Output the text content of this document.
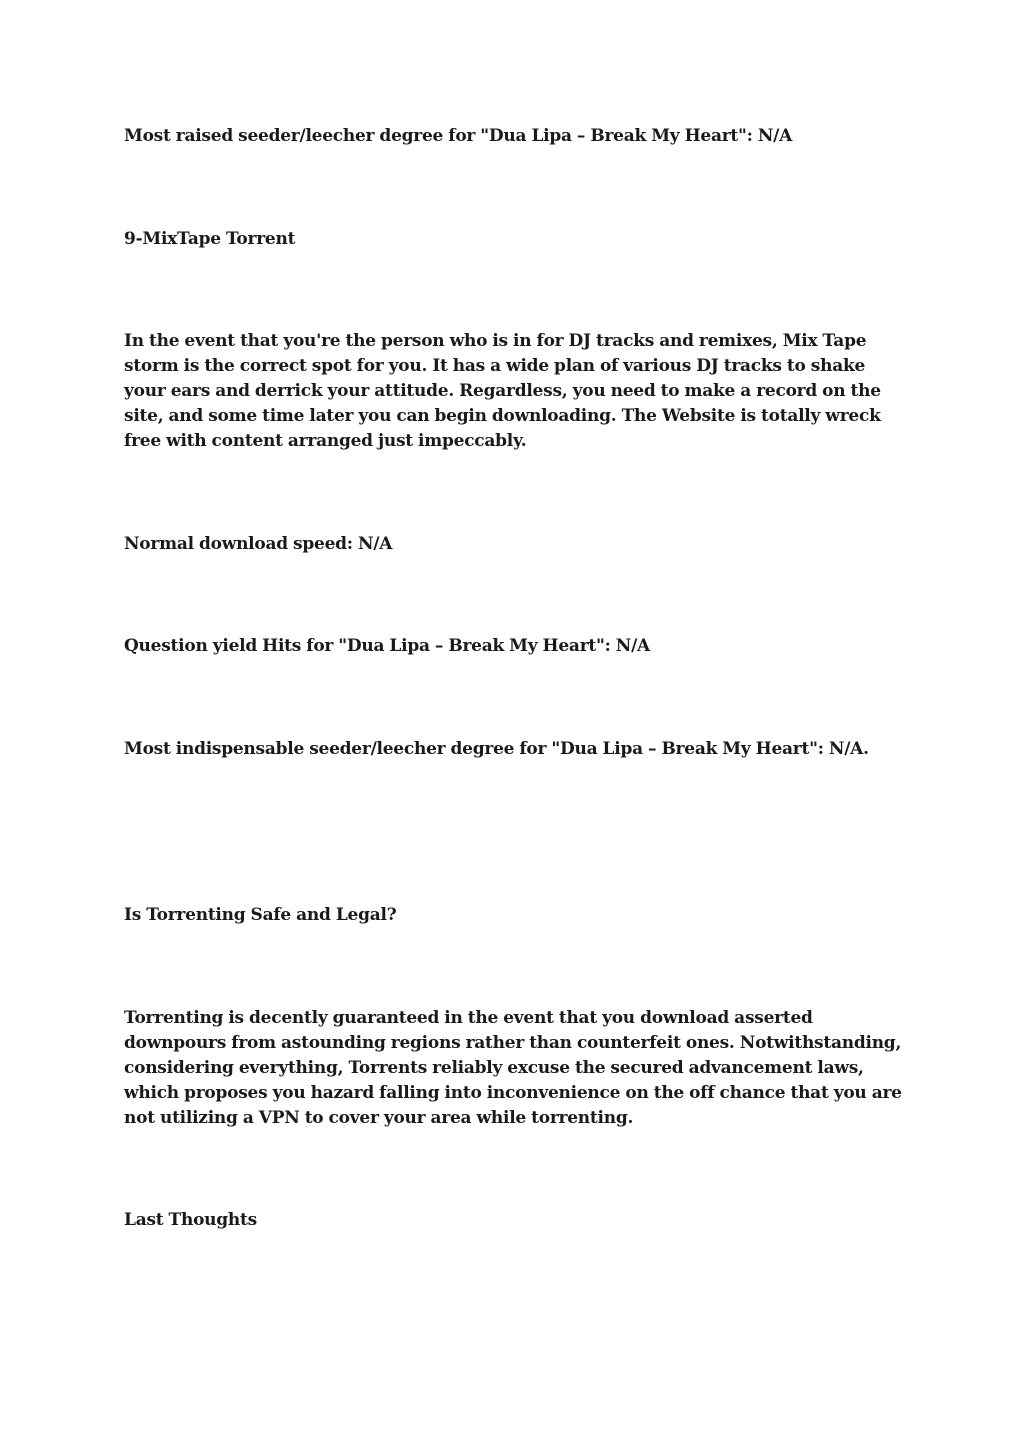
Most raised seeder/leecher degree for "Dua Lipa – Break My Heart": N/A

9-MixTape Torrent

In the event that you're the person who is in for DJ tracks and remixes, Mix Tape storm is the correct spot for you. It has a wide plan of various DJ tracks to shake your ears and derrick your attitude. Regardless, you need to make a record on the site, and some time later you can begin downloading. The Website is totally wreck free with content arranged just impeccably.

Normal download speed: N/A

Question yield Hits for "Dua Lipa – Break My Heart": N/A

Most indispensable seeder/leecher degree for "Dua Lipa – Break My Heart": N/A.

Is Torrenting Safe and Legal?

Torrenting is decently guaranteed in the event that you download asserted downpours from astounding regions rather than counterfeit ones. Notwithstanding, considering everything, Torrents reliably excuse the secured advancement laws, which proposes you hazard falling into inconvenience on the off chance that you are not utilizing a VPN to cover your area while torrenting.

Last Thoughts
